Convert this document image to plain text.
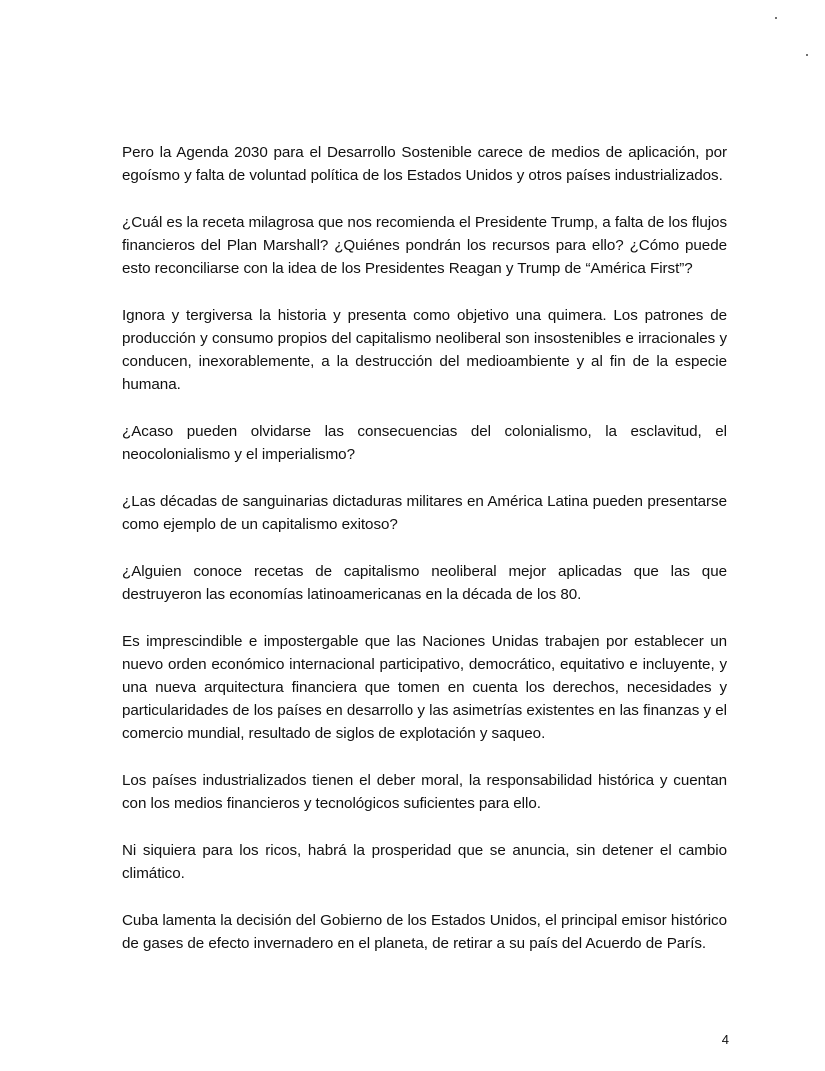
Pero la Agenda 2030 para el Desarrollo Sostenible carece de medios de aplicación, por egoísmo y falta de voluntad política de los Estados Unidos y otros países industrializados.

¿Cuál es la receta milagrosa que nos recomienda el Presidente Trump, a falta de los flujos financieros del Plan Marshall? ¿Quiénes pondrán los recursos para ello? ¿Cómo puede esto reconciliarse con la idea de los Presidentes Reagan y Trump de “América First”?

Ignora y tergiversa la historia y presenta como objetivo una quimera. Los patrones de producción y consumo propios del capitalismo neoliberal son insostenibles e irracionales y conducen, inexorablemente, a la destrucción del medioambiente y al fin de la especie humana.

¿Acaso pueden olvidarse las consecuencias del colonialismo, la esclavitud, el neocolonialismo y el imperialismo?

¿Las décadas de sanguinarias dictaduras militares en América Latina pueden presentarse como ejemplo de un capitalismo exitoso?

¿Alguien conoce recetas de capitalismo neoliberal mejor aplicadas que las que destruyeron las economías latinoamericanas en la década de los 80.

Es imprescindible e impostergable que las Naciones Unidas trabajen por establecer un nuevo orden económico internacional participativo, democrático, equitativo e incluyente, y una nueva arquitectura financiera que tomen en cuenta los derechos, necesidades y particularidades de los países en desarrollo y las asimetrías existentes en las finanzas y el comercio mundial, resultado de siglos de explotación y saqueo.

Los países industrializados tienen el deber moral, la responsabilidad histórica y cuentan con los medios financieros y tecnológicos suficientes para ello.

Ni siquiera para los ricos, habrá la prosperidad que se anuncia, sin detener el cambio climático.

Cuba lamenta la decisión del Gobierno de los Estados Unidos, el principal emisor histórico de gases de efecto invernadero en el planeta, de retirar a su país del Acuerdo de París.

4
